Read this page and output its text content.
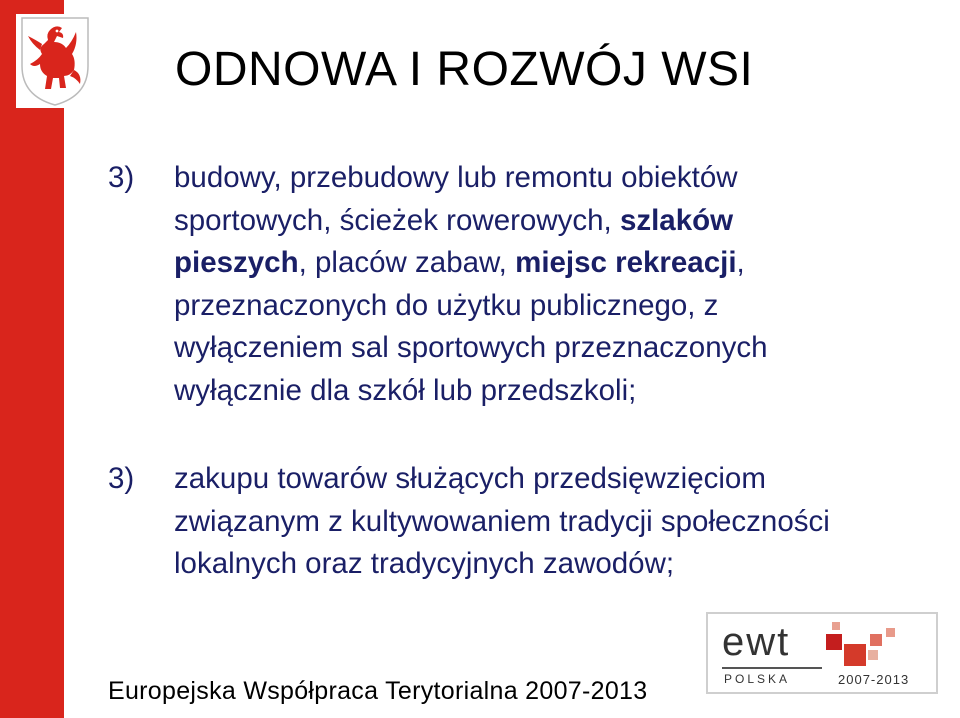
ODNOWA I ROZWÓJ WSI
3) budowy, przebudowy lub remontu obiektów

sportowych, ścieżek rowerowych, szlaków

pieszych, placów zabaw, miejsc rekreacji,

przeznaczonych do użytku publicznego, z

wyłączeniem sal sportowych przeznaczonych

wyłącznie dla szkół lub przedszkoli;

3) zakupu towarów służących przedsięwzięciom

związanym z kultywowaniem tradycji społeczności

lokalnych oraz tradycyjnych zawodów;

Europejska Współpraca Terytorialna 2007-2013
ewt
POLSKA	2007-2013
